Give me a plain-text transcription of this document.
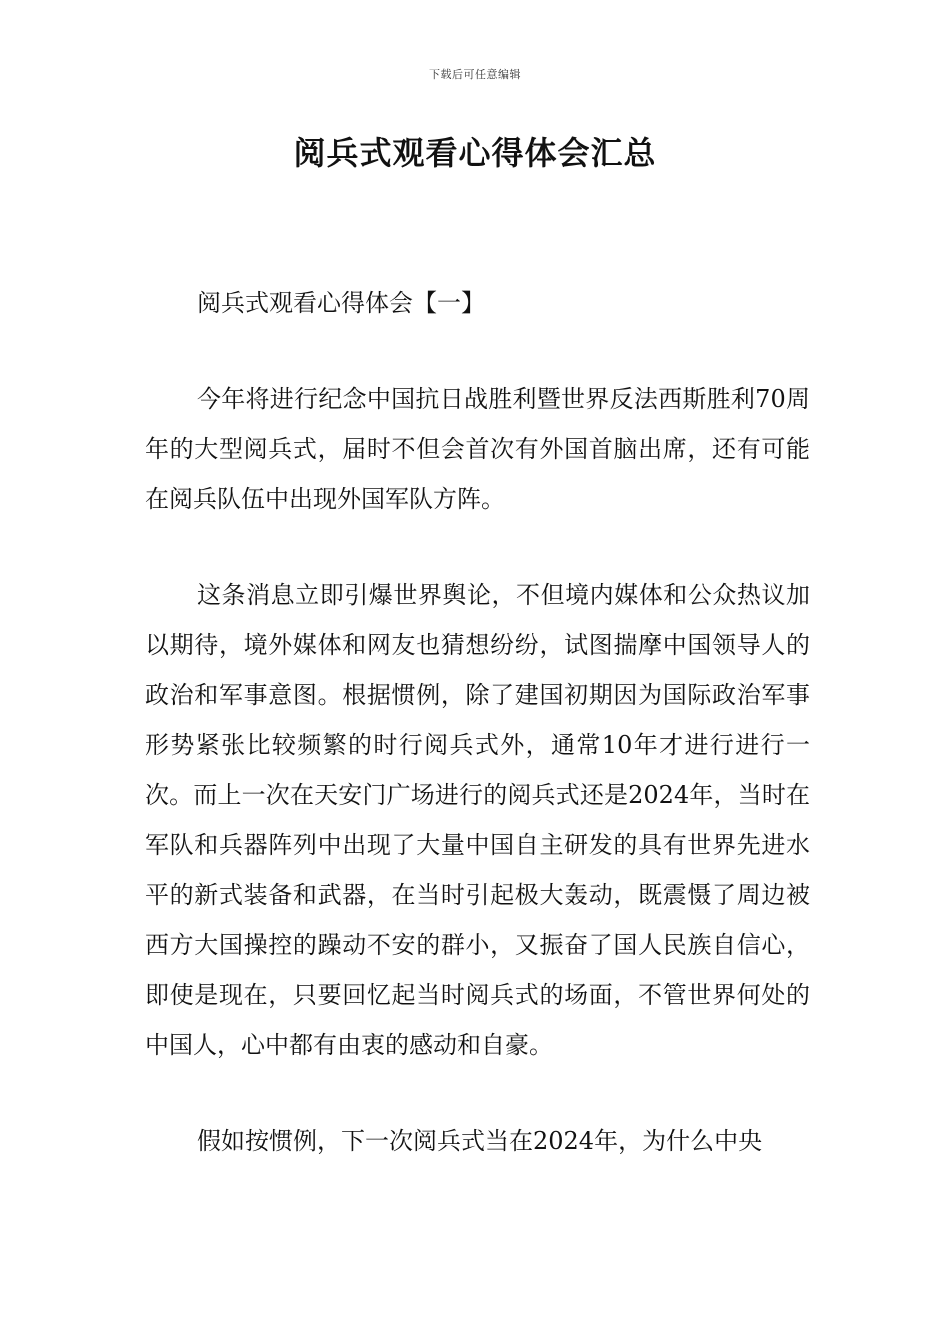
下载后可任意编辑
阅兵式观看心得体会汇总

阅兵式观看心得体会【一】

今年将进行纪念中国抗日战胜利暨世界反法西斯胜利70周年的大型阅兵式，届时不但会首次有外国首脑出席，还有可能在阅兵队伍中出现外国军队方阵。

这条消息立即引爆世界舆论，不但境内媒体和公众热议加以期待，境外媒体和网友也猜想纷纷，试图揣摩中国领导人的政治和军事意图。根据惯例，除了建国初期因为国际政治军事形势紧张比较频繁的时行阅兵式外，通常10年才进行进行一次。而上一次在天安门广场进行的阅兵式还是2024年，当时在军队和兵器阵列中出现了大量中国自主研发的具有世界先进水平的新式装备和武器，在当时引起极大轰动，既震慑了周边被西方大国操控的躁动不安的群小，又振奋了国人民族自信心，即使是现在，只要回忆起当时阅兵式的场面，不管世界何处的中国人，心中都有由衷的感动和自豪。

假如按惯例，下一次阅兵式当在2024年，为什么中央
